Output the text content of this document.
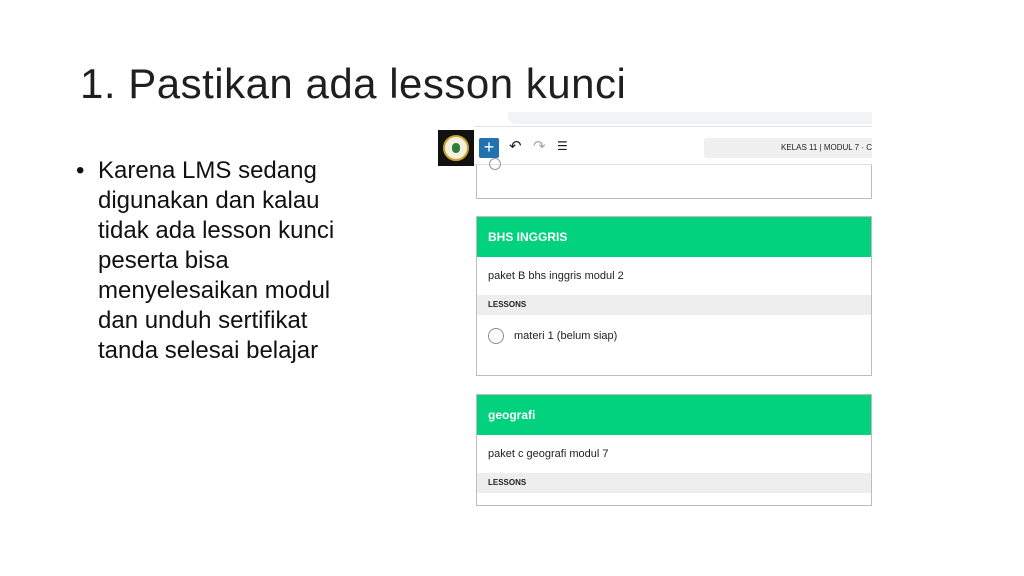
1. Pastikan ada lesson kunci
• Karena LMS sedang digunakan dan kalau tidak ada lesson kunci peserta bisa menyelesaikan modul dan unduh sertifikat tanda selesai belajar
+ ↶ ↷ ☰	KELAS 11 | MODUL 7 · C
BHS INGGRIS
paket B bhs inggris modul 2
LESSONS
materi 1 (belum siap)
geografi
paket c geografi modul 7
LESSONS
